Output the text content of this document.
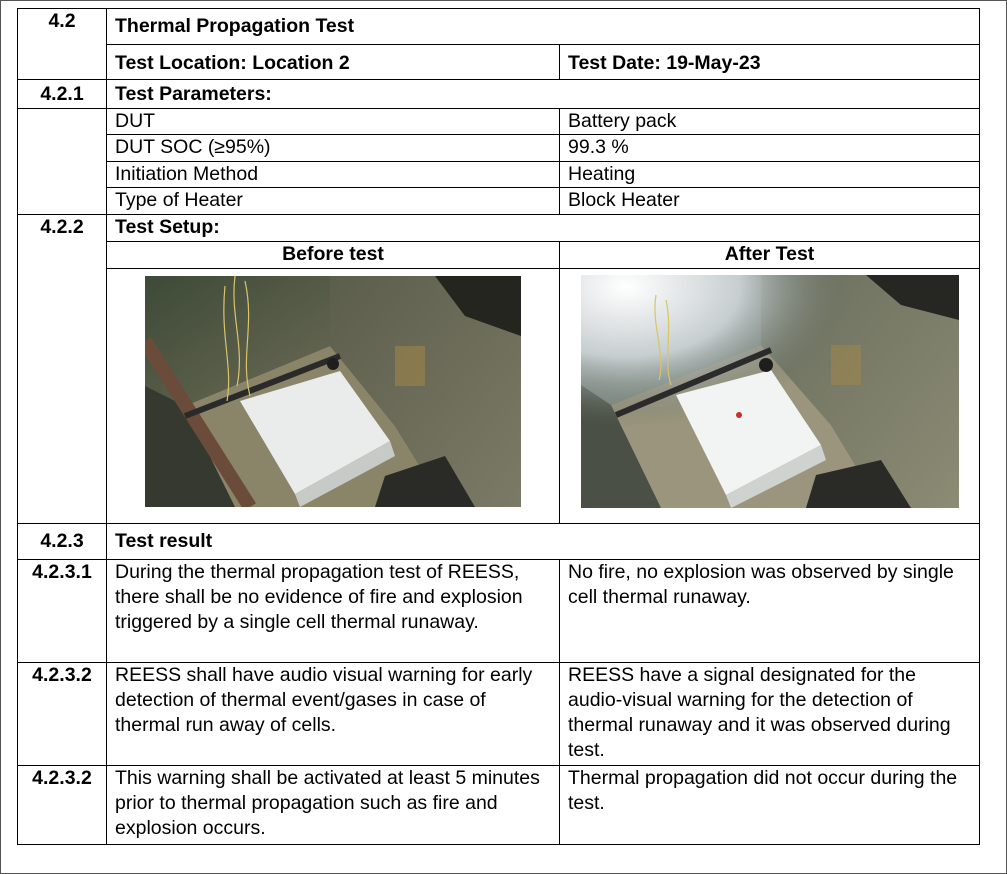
4.2	Thermal Propagation Test	
	Test Location: Location 2	Test Date: 19-May-23
4.2.1	Test Parameters:	
	DUT	Battery pack
	DUT SOC (≥95%)	99.3 %
	Initiation Method	Heating
	Type of Heater	Block Heater
4.2.2	Test Setup:	
	Before test	After Test

4.2.3	Test result	
4.2.3.1	During the thermal propagation test of REESS, there shall be no evidence of fire and explosion triggered by a single cell thermal runaway.	No fire, no explosion was observed by single cell thermal runaway.
4.2.3.2	REESS shall have audio visual warning for early detection of thermal event/gases in case of thermal run away of cells.	REESS have a signal designated for the audio-visual warning for the detection of thermal runaway and it was observed during test.
4.2.3.2	This warning shall be activated at least 5 minutes prior to thermal propagation such as fire and explosion occurs.	Thermal propagation did not occur during the test.
